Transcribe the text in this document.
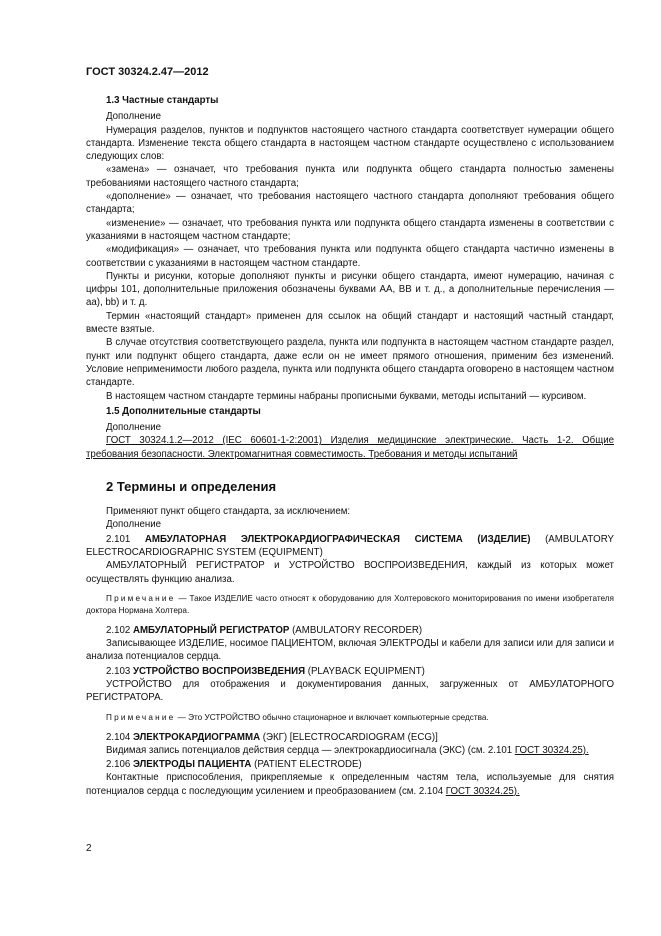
ГОСТ 30324.2.47—2012

1.3 Частные стандарты

Дополнение

Нумерация разделов, пунктов и подпунктов настоящего частного стандарта соответствует нумерации общего стандарта. Изменение текста общего стандарта в настоящем частном стандарте осуществлено с использованием следующих слов:

«замена» — означает, что требования пункта или подпункта общего стандарта полностью заменены требованиями настоящего частного стандарта;

«дополнение» — означает, что требования настоящего частного стандарта дополняют требования общего стандарта;

«изменение» — означает, что требования пункта или подпункта общего стандарта изменены в соответствии с указаниями в настоящем частном стандарте;

«модификация» — означает, что требования пункта или подпункта общего стандарта частично изменены в соответствии с указаниями в настоящем частном стандарте.

Пункты и рисунки, которые дополняют пункты и рисунки общего стандарта, имеют нумерацию, начиная с цифры 101, дополнительные приложения обозначены буквами АА, ВВ и т. д., а дополнительные перечисления — аа), bb) и т. д.

Термин «настоящий стандарт» применен для ссылок на общий стандарт и настоящий частный стандарт, вместе взятые.

В случае отсутствия соответствующего раздела, пункта или подпункта в настоящем частном стандарте раздел, пункт или подпункт общего стандарта, даже если он не имеет прямого отношения, применим без изменений. Условие неприменимости любого раздела, пункта или подпункта общего стандарта оговорено в настоящем частном стандарте.

В настоящем частном стандарте термины набраны прописными буквами, методы испытаний — курсивом.

1.5 Дополнительные стандарты

Дополнение

ГОСТ 30324.1.2—2012 (IEC 60601-1-2:2001) Изделия медицинские электрические. Часть 1-2. Общие требования безопасности. Электромагнитная совместимость. Требования и методы испытаний

2 Термины и определения

Применяют пункт общего стандарта, за исключением:

Дополнение

2.101 АМБУЛАТОРНАЯ ЭЛЕКТРОКАРДИОГРАФИЧЕСКАЯ СИСТЕМА (ИЗДЕЛИЕ) (AMBULATORY ELECTROCARDIOGRAPHIC SYSTEM (EQUIPMENT)

АМБУЛАТОРНЫЙ РЕГИСТРАТОР и УСТРОЙСТВО ВОСПРОИЗВЕДЕНИЯ, каждый из которых может осуществлять функцию анализа.

Примечание — Такое ИЗДЕЛИЕ часто относят к оборудованию для Холтеровского мониторирования по имени изобретателя доктора Нормана Холтера.

2.102 АМБУЛАТОРНЫЙ РЕГИСТРАТОР (AMBULATORY RECORDER)

Записывающее ИЗДЕЛИЕ, носимое ПАЦИЕНТОМ, включая ЭЛЕКТРОДЫ и кабели для записи или для записи и анализа потенциалов сердца.

2.103 УСТРОЙСТВО ВОСПРОИЗВЕДЕНИЯ (PLAYBACK EQUIPMENT)

УСТРОЙСТВО для отображения и документирования данных, загруженных от АМБУЛАТОРНОГО РЕГИСТРАТОРА.

Примечание — Это УСТРОЙСТВО обычно стационарное и включает компьютерные средства.

2.104 ЭЛЕКТРОКАРДИОГРАММА (ЭКГ) [ELECTROCARDIOGRAM (ECG)]

Видимая запись потенциалов действия сердца — электрокардиосигнала (ЭКС) (см. 2.101 ГОСТ 30324.25).

2.106 ЭЛЕКТРОДЫ ПАЦИЕНТА (PATIENT ELECTRODE)

Контактные приспособления, прикрепляемые к определенным частям тела, используемые для снятия потенциалов сердца с последующим усилением и преобразованием (см. 2.104 ГОСТ 30324.25).

2
